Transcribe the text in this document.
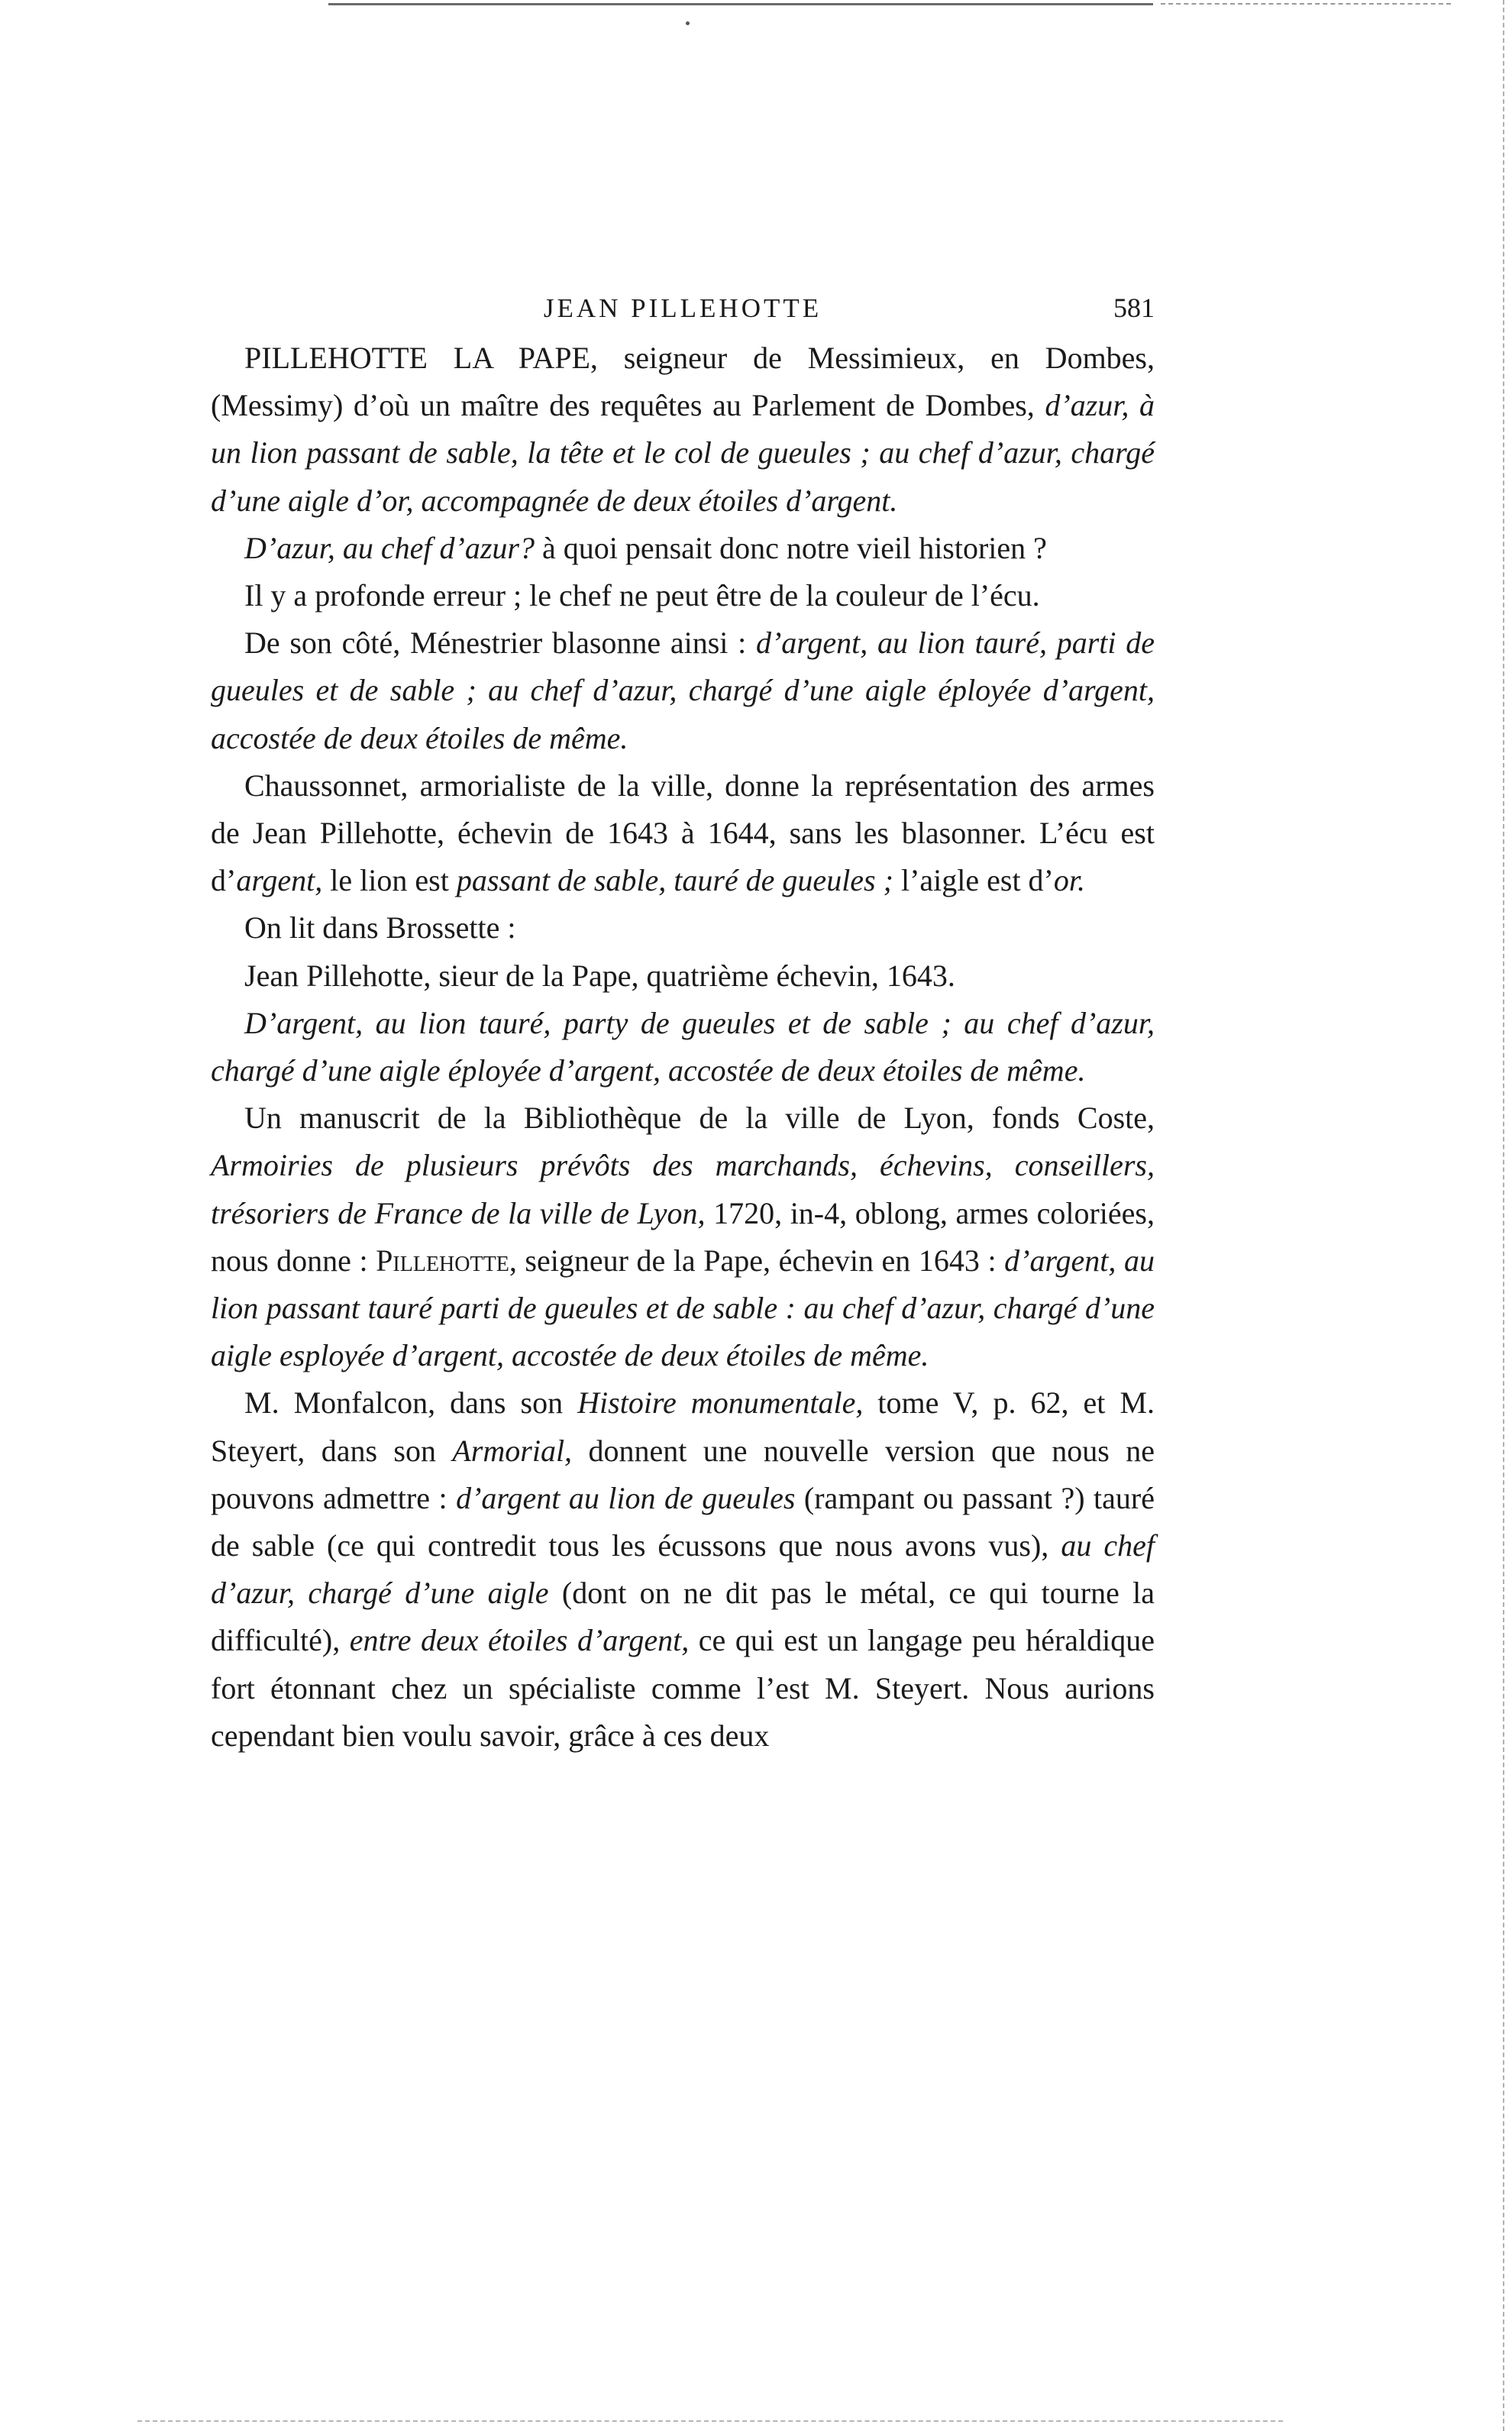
JEAN PILLEHOTTE	581

PILLEHOTTE LA PAPE, seigneur de Messimieux, en Dombes, (Messimy) d’où un maître des requêtes au Parlement de Dombes, d’azur, à un lion passant de sable, la tête et le col de gueules ; au chef d’azur, chargé d’une aigle d’or, accompagnée de deux étoiles d’argent.

D’azur, au chef d’azur? à quoi pensait donc notre vieil historien ?

Il y a profonde erreur ; le chef ne peut être de la couleur de l’écu.

De son côté, Ménestrier blasonne ainsi : d’argent, au lion tauré, parti de gueules et de sable ; au chef d’azur, chargé d’une aigle éployée d’argent, accostée de deux étoiles de même.

Chaussonnet, armorialiste de la ville, donne la représentation des armes de Jean Pillehotte, échevin de 1643 à 1644, sans les blasonner. L’écu est d’argent, le lion est passant de sable, tauré de gueules ; l’aigle est d’or.

On lit dans Brossette :

Jean Pillehotte, sieur de la Pape, quatrième échevin, 1643.

D’argent, au lion tauré, party de gueules et de sable ; au chef d’azur, chargé d’une aigle éployée d’argent, accostée de deux étoiles de même.

Un manuscrit de la Bibliothèque de la ville de Lyon, fonds Coste, Armoiries de plusieurs prévôts des marchands, échevins, conseillers, trésoriers de France de la ville de Lyon, 1720, in-4, oblong, armes coloriées, nous donne : Pillehotte, seigneur de la Pape, échevin en 1643 : d’argent, au lion passant tauré parti de gueules et de sable : au chef d’azur, chargé d’une aigle esployée d’argent, accostée de deux étoiles de même.

M. Monfalcon, dans son Histoire monumentale, tome V, p. 62, et M. Steyert, dans son Armorial, donnent une nouvelle version que nous ne pouvons admettre : d’argent au lion de gueules (rampant ou passant ?) tauré de sable (ce qui contredit tous les écussons que nous avons vus), au chef d’azur, chargé d’une aigle (dont on ne dit pas le métal, ce qui tourne la difficulté), entre deux étoiles d’argent, ce qui est un langage peu héraldique fort étonnant chez un spécialiste comme l’est M. Steyert. Nous aurions cependant bien voulu savoir, grâce à ces deux
